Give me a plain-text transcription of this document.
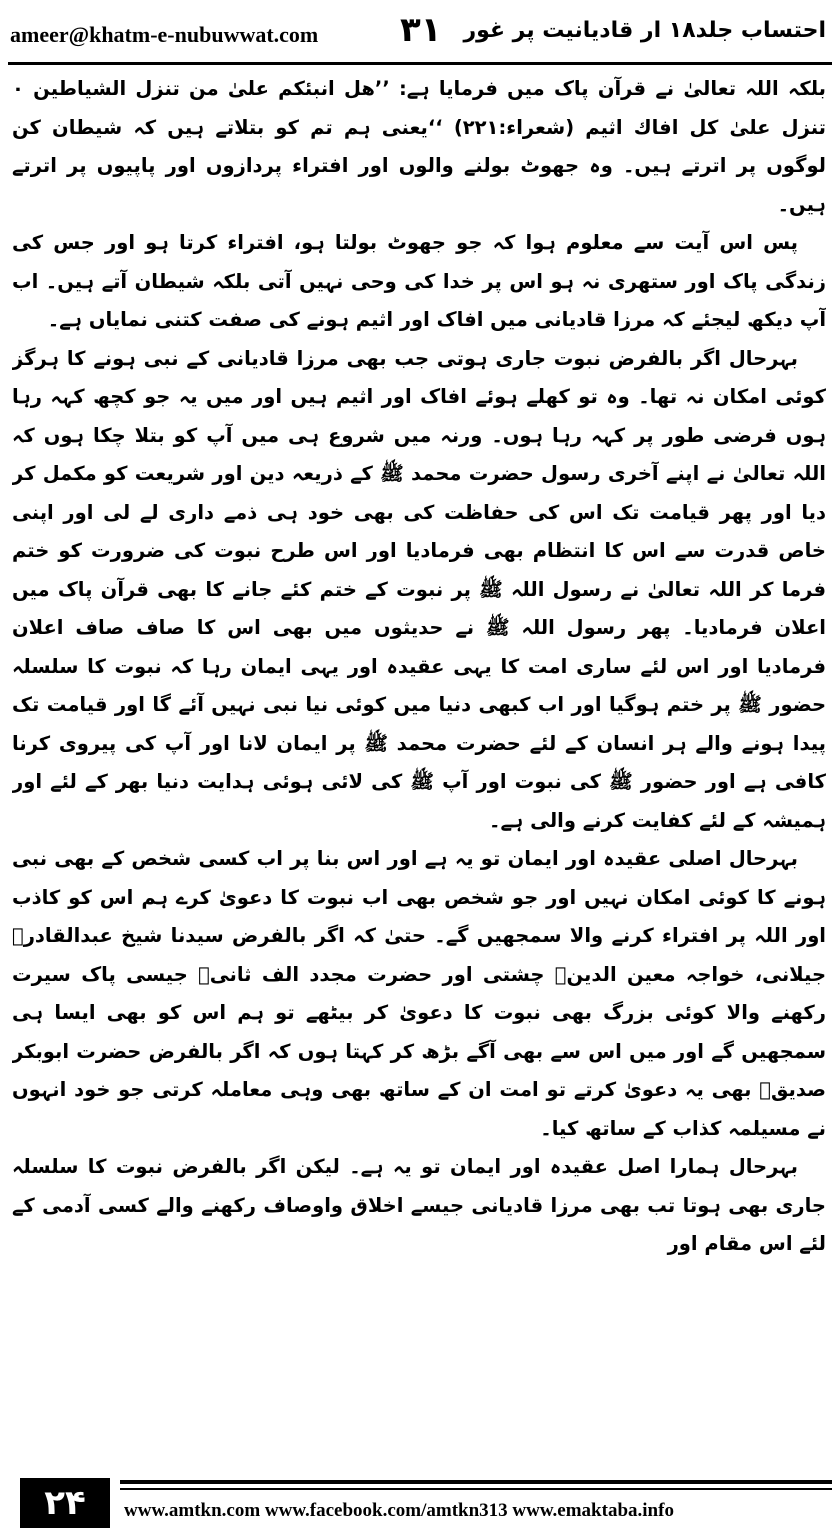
ameer@khatm-e-nubuwwat.com ۳۱ احتساب جلد۱۸ ار قادیانیت پر غور

بلکہ اللہ تعالیٰ نے قرآن پاک میں فرمایا ہے: ’’ھل انبئکم علیٰ من تنزل الشیاطین ۰ تنزل علیٰ کل افاك اثیم (شعراء:۲۲۱) ‘‘یعنی ہم تم کو بتلاتے ہیں کہ شیطان کن لوگوں پر اترتے ہیں۔ وہ جھوٹ بولنے والوں اور افتراء پردازوں اور پاپیوں پر اترتے ہیں۔

پس اس آیت سے معلوم ہوا کہ جو جھوٹ بولتا ہو، افتراء کرتا ہو اور جس کی زندگی پاک اور ستھری نہ ہو اس پر خدا کی وحی نہیں آتی بلکہ شیطان آتے ہیں۔ اب آپ دیکھ لیجئے کہ مرزا قادیانی میں افاک اور اثیم ہونے کی صفت کتنی نمایاں ہے۔

بہرحال اگر بالفرض نبوت جاری ہوتی جب بھی مرزا قادیانی کے نبی ہونے کا ہرگز کوئی امکان نہ تھا۔ وہ تو کھلے ہوئے افاک اور اثیم ہیں اور میں یہ جو کچھ کہہ رہا ہوں فرضی طور پر کہہ رہا ہوں۔ ورنہ میں شروع ہی میں آپ کو بتلا چکا ہوں کہ اللہ تعالیٰ نے اپنے آخری رسول حضرت محمد ﷺ کے ذریعہ دین اور شریعت کو مکمل کر دیا اور پھر قیامت تک اس کی حفاظت کی بھی خود ہی ذمے داری لے لی اور اپنی خاص قدرت سے اس کا انتظام بھی فرمادیا اور اس طرح نبوت کی ضرورت کو ختم فرما کر اللہ تعالیٰ نے رسول اللہ ﷺ پر نبوت کے ختم کئے جانے کا بھی قرآن پاک میں اعلان فرمادیا۔ پھر رسول اللہ ﷺ نے حدیثوں میں بھی اس کا صاف صاف اعلان فرمادیا اور اس لئے ساری امت کا یہی عقیدہ اور یہی ایمان رہا کہ نبوت کا سلسلہ حضور ﷺ پر ختم ہوگیا اور اب کبھی دنیا میں کوئی نیا نبی نہیں آئے گا اور قیامت تک پیدا ہونے والے ہر انسان کے لئے حضرت محمد ﷺ پر ایمان لانا اور آپ کی پیروی کرنا کافی ہے اور حضور ﷺ کی نبوت اور آپ ﷺ کی لائی ہوئی ہدایت دنیا بھر کے لئے اور ہمیشہ کے لئے کفایت کرنے والی ہے۔

بہرحال اصلی عقیدہ اور ایمان تو یہ ہے اور اس بنا پر اب کسی شخص کے بھی نبی ہونے کا کوئی امکان نہیں اور جو شخص بھی اب نبوت کا دعویٰ کرے ہم اس کو کاذب اور اللہ پر افتراء کرنے والا سمجھیں گے۔ حتیٰ کہ اگر بالفرض سیدنا شیخ عبدالقادرؒ جیلانی، خواجہ معین الدینؒ چشتی اور حضرت مجدد الف ثانیؒ جیسی پاک سیرت رکھنے والا کوئی بزرگ بھی نبوت کا دعویٰ کر بیٹھے تو ہم اس کو بھی ایسا ہی سمجھیں گے اور میں اس سے بھی آگے بڑھ کر کہتا ہوں کہ اگر بالفرض حضرت ابوبکر صدیقؓ بھی یہ دعویٰ کرتے تو امت ان کے ساتھ بھی وہی معاملہ کرتی جو خود انہوں نے مسیلمہ کذاب کے ساتھ کیا۔

بہرحال ہمارا اصل عقیدہ اور ایمان تو یہ ہے۔ لیکن اگر بالفرض نبوت کا سلسلہ جاری بھی ہوتا تب بھی مرزا قادیانی جیسے اخلاق واوصاف رکھنے والے کسی آدمی کے لئے اس مقام اور

۲۴	www.amtkn.com www.facebook.com/amtkn313 www.emaktaba.info
